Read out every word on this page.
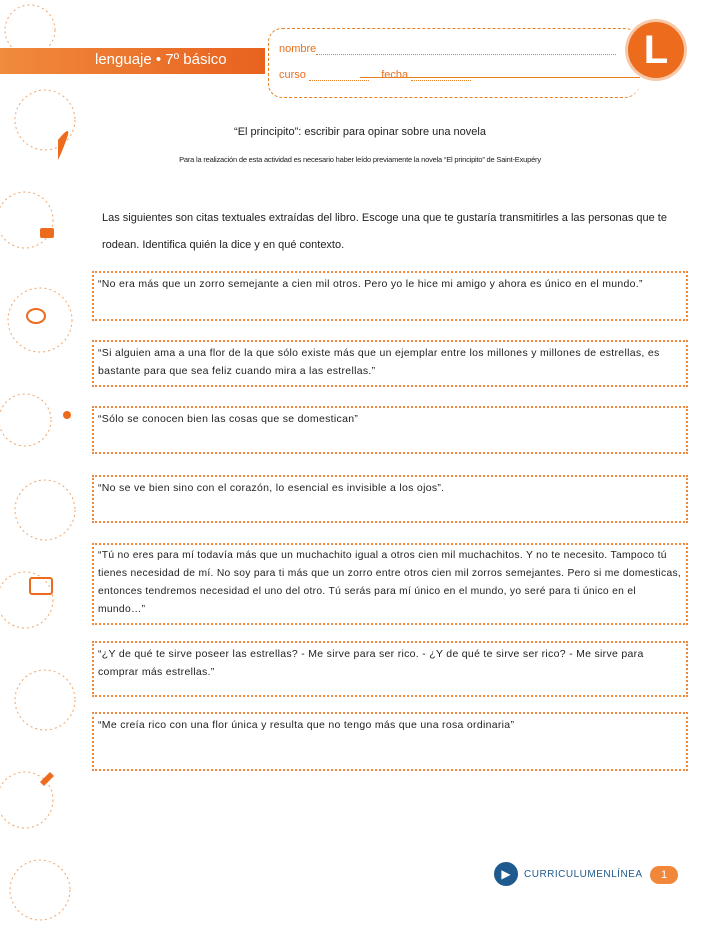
lenguaje • 7º básico
nombre
curso	fecha
L
“El principito”: escribir para opinar sobre una novela
Para la realización de esta actividad es necesario haber leído previamente la novela “El principito” de Saint-Exupéry
Las siguientes son citas textuales extraídas del libro. Escoge una que te gustaría transmitirles a las personas que te rodean. Identifica quién la dice y en qué contexto.
“No era más que un zorro semejante a cien mil otros. Pero yo le hice mi amigo y ahora es único en el mundo.”
“Si alguien ama a una flor de la que sólo existe más que un ejemplar entre los millones y millones de estrellas, es bastante para que sea feliz cuando mira a las estrellas.”
“Sólo se conocen bien las cosas que se domestican”
“No se ve bien sino con el corazón, lo esencial es invisible a los ojos”.
“Tú no eres para mí todavía más que un muchachito igual a otros cien mil muchachitos. Y no te necesito. Tampoco tú tienes necesidad de mí. No soy para ti más que un zorro entre otros cien mil zorros semejantes. Pero si me domesticas, entonces tendremos necesidad el uno del otro. Tú serás para mí único en el mundo, yo seré para ti único en el mundo…”
“¿Y de qué te sirve poseer las estrellas? - Me sirve para ser rico. - ¿Y de qué te sirve ser rico? - Me sirve para comprar más estrellas.”
“Me creía rico con una flor única y resulta que no tengo más que una rosa ordinaria”
▶	CURRICULUMENLÍNEA	1
